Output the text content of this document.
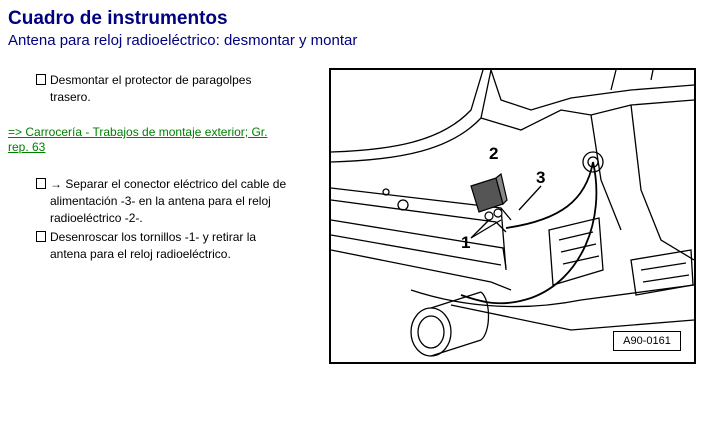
Cuadro de instrumentos
Antena para reloj radioeléctrico: desmontar y montar
Desmontar el protector de paragolpes
trasero.
=> Carrocería - Trabajos de montaje exterior; Gr.
rep. 63
→ Separar el conector eléctrico del cable de
alimentación -3- en la antena para el reloj
radioeléctrico -2-.
Desenroscar los tornillos -1- y retirar la
antena para el reloj radioeléctrico.
2
3
1
A90-0161
